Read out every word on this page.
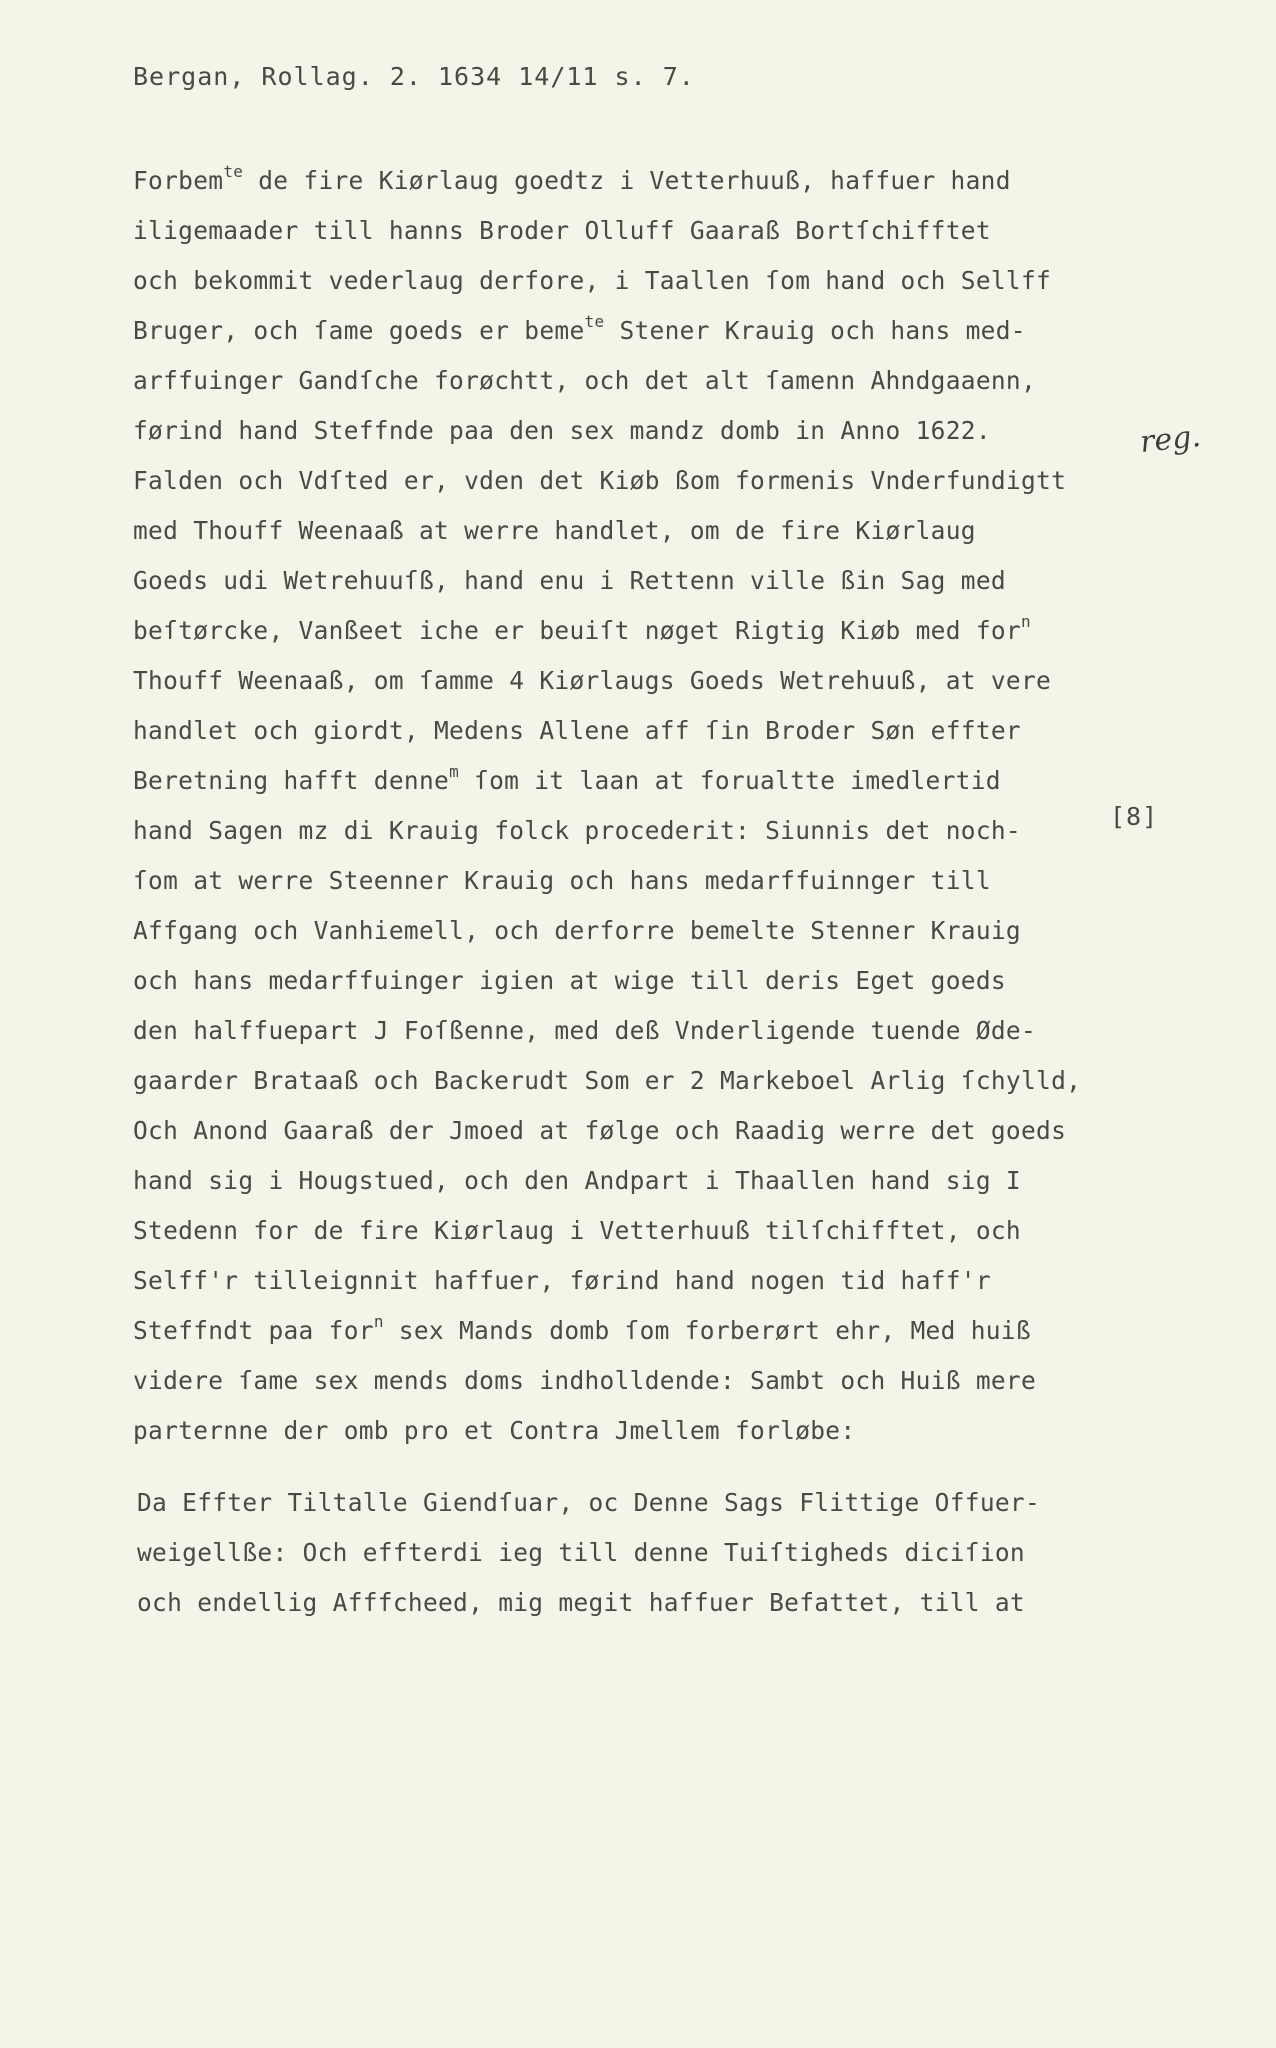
Bergan, Rollag. 2. 1634 14/11 s. 7.
Forbem$^{te}$ de fire Kiørlaug goedtz i Vetterhuuß, haffuer hand
iligemaader till hanns Broder Olluff Gaaraß Bortſchifftet
och bekommit vederlaug derfore, i Taallen ſom hand och Sellff
Bruger, och ſame goeds er beme$^{te}$ Stener Krauig och hans med-
arffuinger Gandſche forøchtt, och det alt ſamenn Ahndgaaenn,
førind hand Steffnde paa den sex mandz domb in Anno 1622.
Falden och Vdſted er, vden det Kiøb ßom formenis Vnderfundigtt
med Thouff Weenaaß at werre handlet, om de fire Kiørlaug
Goeds udi Wetrehuuſß, hand enu i Rettenn ville ßin Sag med
beſtørcke, Vanßeet iche er beuiſt nøget Rigtig Kiøb med for$^n$
Thouff Weenaaß, om ſamme 4 Kiørlaugs Goeds Wetrehuuß, at vere
handlet och giordt, Medens Allene aff ſin Broder Søn effter
Beretning hafft denne$^m$ ſom it laan at forualtte imedlertid
hand Sagen mz di Krauig folck procederit: Siunnis det noch-
ſom at werre Steenner Krauig och hans medarffuinnger till
Affgang och Vanhiemell, och derforre bemelte Stenner Krauig
och hans medarffuinger igien at wige till deris Eget goeds
den halffuepart J Foſßenne, med deß Vnderligende tuende Øde-
gaarder Brataaß och Backerudt Som er 2 Markeboel Arlig ſchylld,
Och Anond Gaaraß der Jmoed at følge och Raadig werre det goeds
hand sig i Hougstued, och den Andpart i Thaallen hand sig I
Stedenn for de fire Kiørlaug i Vetterhuuß tilſchifftet, och
Selff'r tilleignnit haffuer, førind hand nogen tid haff'r
Steffndt paa for$^n$ sex Mands domb ſom forberørt ehr, Med huiß
videre ſame sex mends doms indholldende: Sambt och Huiß mere
parternne der omb pro et Contra Jmellem forløbe:
Da Effter Tiltalle Giendſuar, oc Denne Sags Flittige Offuer-
weigellße: Och effterdi ieg till denne Tuiſtigheds diciſion
och endellig Afffcheed, mig megit haffuer Befattet, till at
reg.
[8]
